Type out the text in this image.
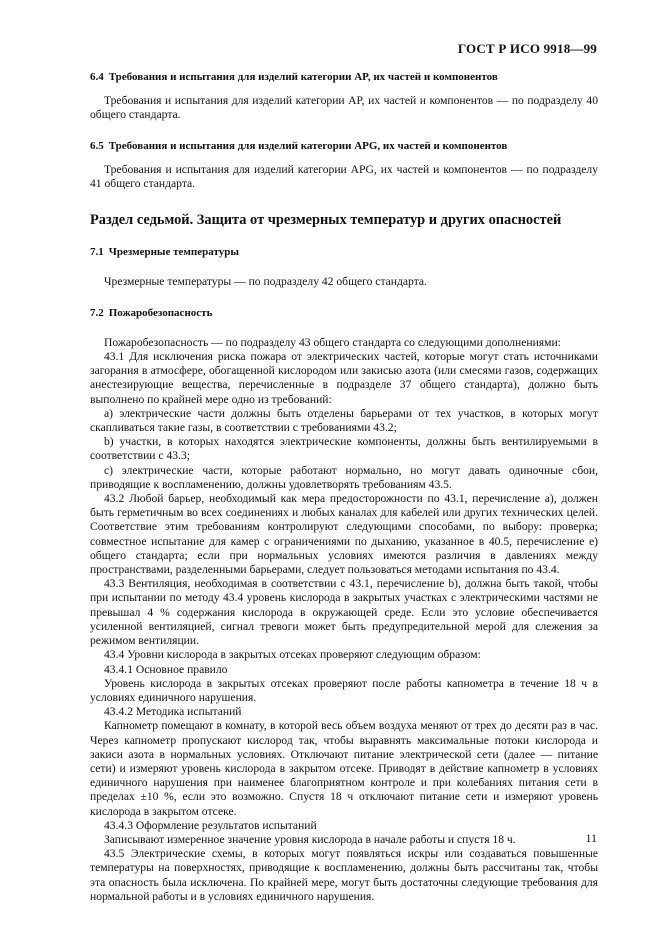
ГОСТ Р ИСО 9918—99
6.4 Требования и испытания для изделий категории AP, их частей и компонентов

Требования и испытания для изделий категории AP, их частей и компонентов — по подразделу 40 общего стандарта.

6.5 Требования и испытания для изделий категории APG, их частей и компонентов

Требования и испытания для изделий категории APG, их частей и компонентов — по подразделу 41 общего стандарта.

Раздел седьмой. Защита от чрезмерных температур и других опасностей
7.1 Чрезмерные температуры

Чрезмерные температуры — по подразделу 42 общего стандарта.

7.2 Пожаробезопасность

Пожаробезопасность — по подразделу 43 общего стандарта со следующими дополнениями:

43.1 Для исключения риска пожара от электрических частей, которые могут стать источниками загорания в атмосфере, обогащенной кислородом или закисью азота (или смесями газов, содержащих анестезирующие вещества, перечисленные в подразделе 37 общего стандарта), должно быть выполнено по крайней мере одно из требований:

a) электрические части должны быть отделены барьерами от тех участков, в которых могут скапливаться такие газы, в соответствии с требованиями 43.2;

b) участки, в которых находятся электрические компоненты, должны быть вентилируемыми в соответствии с 43.3;

c) электрические части, которые работают нормально, но могут давать одиночные сбои, приводящие к воспламенению, должны удовлетворять требованиям 43.5.

43.2 Любой барьер, необходимый как мера предосторожности по 43.1, перечисление a), должен быть герметичным во всех соединениях и любых каналах для кабелей или других технических целей. Соответствие этим требованиям контролируют следующими способами, по выбору: проверка; совместное испытание для камер с ограничениями по дыханию, указанное в 40.5, перечисление e) общего стандарта; если при нормальных условиях имеются различия в давлениях между пространствами, разделенными барьерами, следует пользоваться методами испытания по 43.4.

43.3 Вентиляция, необходимая в соответствии с 43.1, перечисление b), должна быть такой, чтобы при испытании по методу 43.4 уровень кислорода в закрытых участках с электрическими частями не превышал 4 % содержания кислорода в окружающей среде. Если это условие обеспечивается усиленной вентиляцией, сигнал тревоги может быть предупредительной мерой для слежения за режимом вентиляции.

43.4 Уровни кислорода в закрытых отсеках проверяют следующим образом:

43.4.1 Основное правило

Уровень кислорода в закрытых отсеках проверяют после работы капнометра в течение 18 ч в условиях единичного нарушения.

43.4.2 Методика испытаний

Капнометр помещают в комнату, в которой весь объем воздуха меняют от трех до десяти раз в час. Через капнометр пропускают кислород так, чтобы выравнять максимальные потоки кислорода и закиси азота в нормальных условиях. Отключают питание электрической сети (далее — питание сети) и измеряют уровень кислорода в закрытом отсеке. Приводят в действие капнометр в условиях единичного нарушения при наименее благоприятном контроле и при колебаниях питания сети в пределах ±10 %, если это возможно. Спустя 18 ч отключают питание сети и измеряют уровень кислорода в закрытом отсеке.

43.4.3 Оформление результатов испытаний

Записывают измеренное значение уровня кислорода в начале работы и спустя 18 ч.

43.5 Электрические схемы, в которых могут появляться искры или создаваться повышенные температуры на поверхностях, приводящие к воспламенению, должны быть рассчитаны так, чтобы эта опасность была исключена. По крайней мере, могут быть достаточны следующие требования для нормальной работы и в условиях единичного нарушения.

11
